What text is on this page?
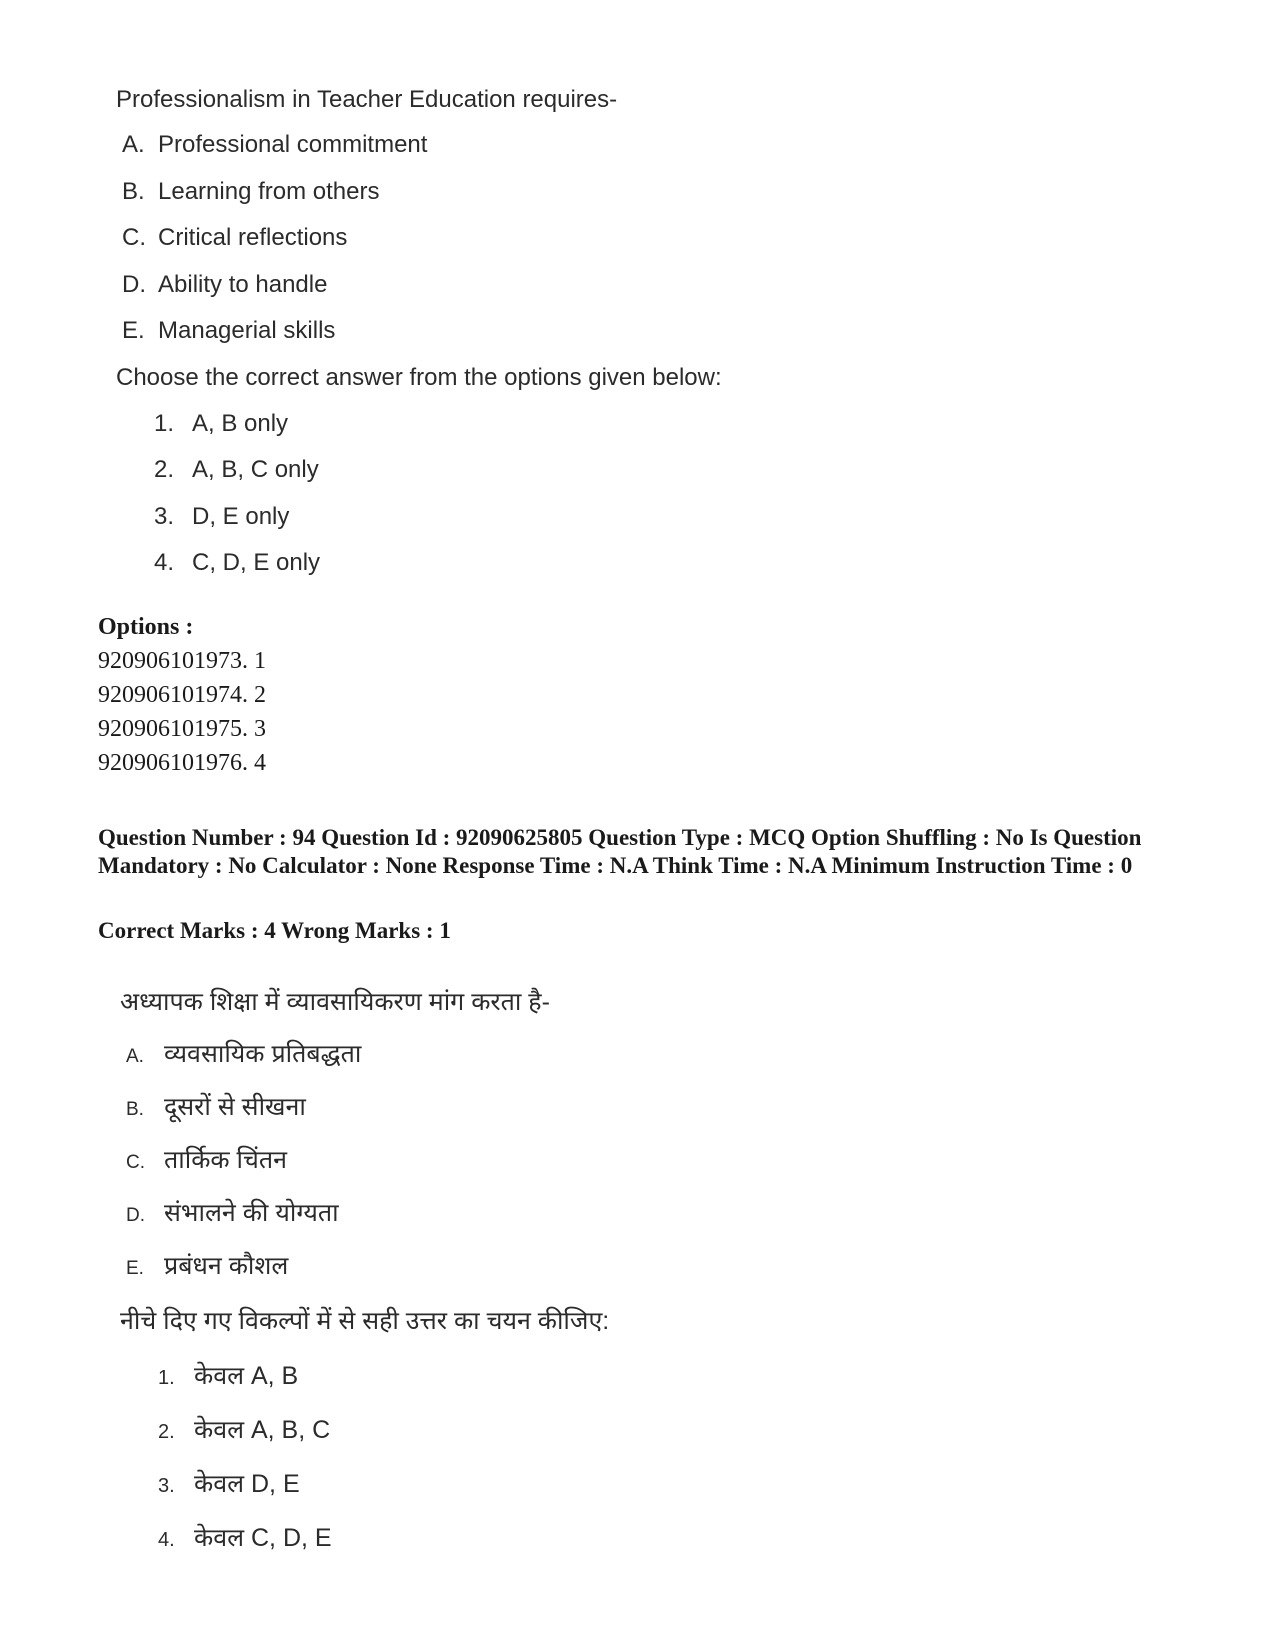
Professionalism in Teacher Education requires-
A. Professional commitment
B. Learning from others
C. Critical reflections
D. Ability to handle
E. Managerial skills
Choose the correct answer from the options given below:
1. A, B only
2. A, B, C only
3. D, E only
4. C, D, E only
Options :
920906101973. 1
920906101974. 2
920906101975. 3
920906101976. 4
Question Number : 94 Question Id : 92090625805 Question Type : MCQ Option Shuffling : No Is Question Mandatory : No Calculator : None Response Time : N.A Think Time : N.A Minimum Instruction Time : 0
Correct Marks : 4 Wrong Marks : 1
अध्यापक शिक्षा में व्यावसायिकरण मांग करता है-
A. व्यवसायिक प्रतिबद्धता
B. दूसरों से सीखना
C. तार्किक चिंतन
D. संभालने की योग्यता
E. प्रबंधन कौशल
नीचे दिए गए विकल्पों में से सही उत्तर का चयन कीजिए:
1. केवल A, B
2. केवल A, B, C
3. केवल D, E
4. केवल C, D, E
